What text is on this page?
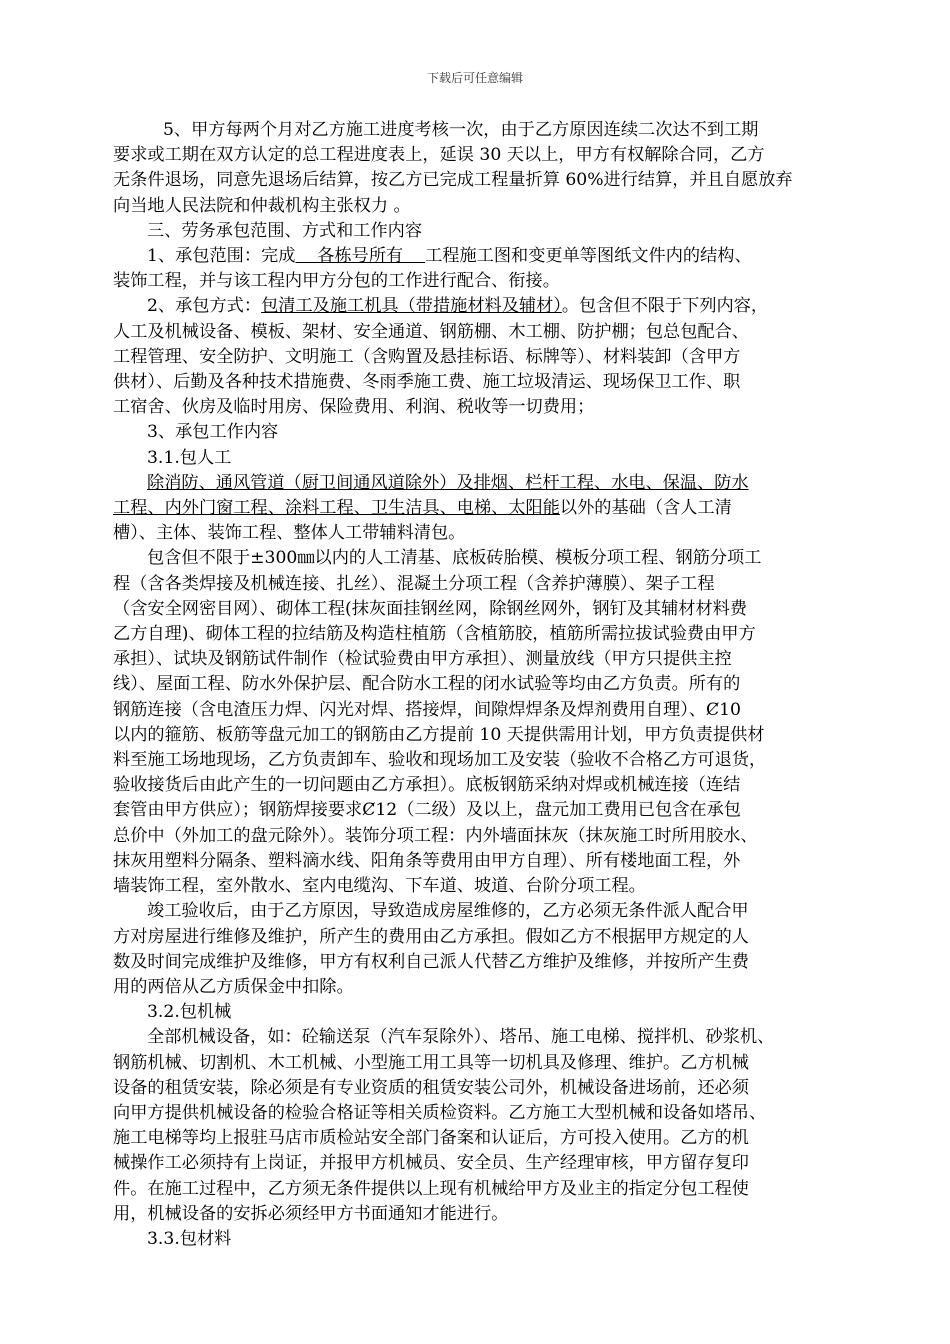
下载后可任意编辑

5、甲方每两个月对乙方施工进度考核一次，由于乙方原因连续二次达不到工期

要求或工期在双方认定的总工程进度表上，延误 30 天以上，甲方有权解除合同，乙方

无条件退场，同意先退场后结算，按乙方已完成工程量折算 60%进行结算，并且自愿放弃

向当地人民法院和仲裁机构主张权力 。

三、劳务承包范围、方式和工作内容

1、承包范围：完成    各栋号所有    工程施工图和变更单等图纸文件内的结构、

装饰工程，并与该工程内甲方分包的工作进行配合、衔接。

2、承包方式：包清工及施工机具（带措施材料及辅材）。包含但不限于下列内容，

人工及机械设备、模板、架材、安全通道、钢筋棚、木工棚、防护棚；包总包配合、

工程管理、安全防护、文明施工（含购置及悬挂标语、标牌等）、材料装卸（含甲方

供材）、后勤及各种技术措施费、冬雨季施工费、施工垃圾清运、现场保卫工作、职

工宿舍、伙房及临时用房、保险费用、利润、税收等一切费用；

3、承包工作内容

3.1.包人工

除消防、通风管道（厨卫间通风道除外）及排烟、栏杆工程、水电、保温、防水

工程、内外门窗工程、涂料工程、卫生洁具、电梯、太阳能以外的基础（含人工清

槽）、主体、装饰工程、整体人工带辅料清包。

包含但不限于±300㎜以内的人工清基、底板砖胎模、模板分项工程、钢筋分项工

程（含各类焊接及机械连接、扎丝）、混凝土分项工程（含养护薄膜）、架子工程

（含安全网密目网）、砌体工程(抹灰面挂钢丝网，除钢丝网外，钢钉及其辅材材料费

乙方自理)、砌体工程的拉结筋及构造柱植筋（含植筋胶，植筋所需拉拔试验费由甲方

承担）、试块及钢筋试件制作（检试验费由甲方承担）、测量放线（甲方只提供主控

线）、屋面工程、防水外保护层、配合防水工程的闭水试验等均由乙方负责。所有的

钢筋连接（含电渣压力焊、闪光对焊、搭接焊，间隙焊焊条及焊剂费用自理）、Ȼ10

以内的箍筋、板筋等盘元加工的钢筋由乙方提前 10 天提供需用计划，甲方负责提供材

料至施工场地现场，乙方负责卸车、验收和现场加工及安装（验收不合格乙方可退货，

验收接货后由此产生的一切问题由乙方承担）。底板钢筋采纳对焊或机械连接（连结

套管由甲方供应）；钢筋焊接要求Ȼ12（二级）及以上，盘元加工费用已包含在承包

总价中（外加工的盘元除外）。装饰分项工程：内外墙面抹灰（抹灰施工时所用胶水、

抹灰用塑料分隔条、塑料滴水线、阳角条等费用由甲方自理）、所有楼地面工程，外

墙装饰工程，室外散水、室内电缆沟、下车道、坡道、台阶分项工程。

竣工验收后，由于乙方原因，导致造成房屋维修的，乙方必须无条件派人配合甲

方对房屋进行维修及维护，所产生的费用由乙方承担。假如乙方不根据甲方规定的人

数及时间完成维护及维修，甲方有权利自己派人代替乙方维护及维修，并按所产生费

用的两倍从乙方质保金中扣除。

3.2.包机械

全部机械设备，如：砼输送泵（汽车泵除外）、塔吊、施工电梯、搅拌机、砂浆机、

钢筋机械、切割机、木工机械、小型施工用工具等一切机具及修理、维护。乙方机械

设备的租赁安装，除必须是有专业资质的租赁安装公司外，机械设备进场前，还必须

向甲方提供机械设备的检验合格证等相关质检资料。乙方施工大型机械和设备如塔吊、

施工电梯等均上报驻马店市质检站安全部门备案和认证后，方可投入使用。乙方的机

械操作工必须持有上岗证，并报甲方机械员、安全员、生产经理审核，甲方留存复印

件。在施工过程中，乙方须无条件提供以上现有机械给甲方及业主的指定分包工程使

用，机械设备的安拆必须经甲方书面通知才能进行。

3.3.包材料
